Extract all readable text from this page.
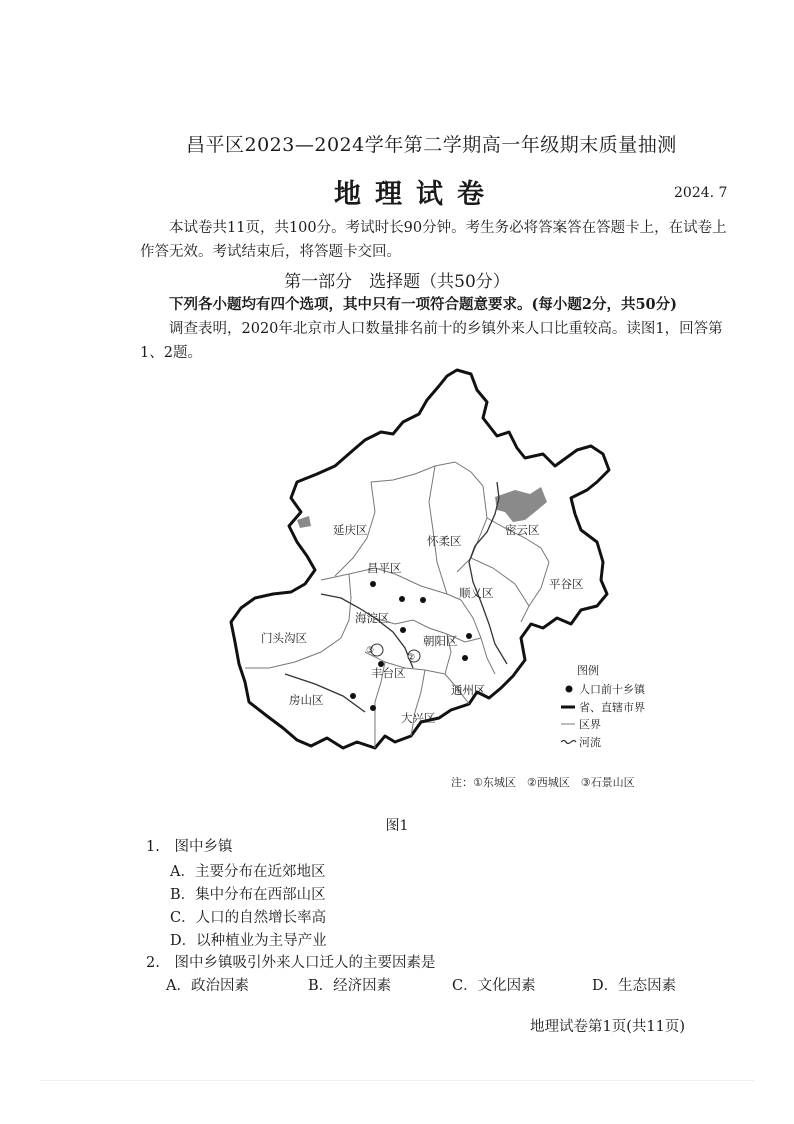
昌平区2023—2024学年第二学期高一年级期末质量抽测
地理试卷	2024. 7
本试卷共11页，共100分。考试时长90分钟。考生务必将答案答在答题卡上，在试卷上作答无效。考试结束后，将答题卡交回。
第一部分　选择题（共50分）
下列各小题均有四个选项，其中只有一项符合题意要求。(每小题2分，共50分)
调查表明，2020年北京市人口数量排名前十的乡镇外来人口比重较高。读图1，回答第1、2题。
延庆区
怀柔区
密云区
昌平区
平谷区
顺义区
海淀区
门头沟区	朝阳区
丰台区
通州区
房山区
大兴区
②
③
图例
人口前十乡镇
省、直辖市界
区界
河流
注：①东城区　②西城区　③石景山区
图1
1. 图中乡镇
A．主要分布在近郊地区
B．集中分布在西部山区
C．人口的自然增长率高
D．以种植业为主导产业
2. 图中乡镇吸引外来人口迁人的主要因素是
A．政治因素	B．经济因素	C．文化因素	D．生态因素
地理试卷第1页(共11页)
